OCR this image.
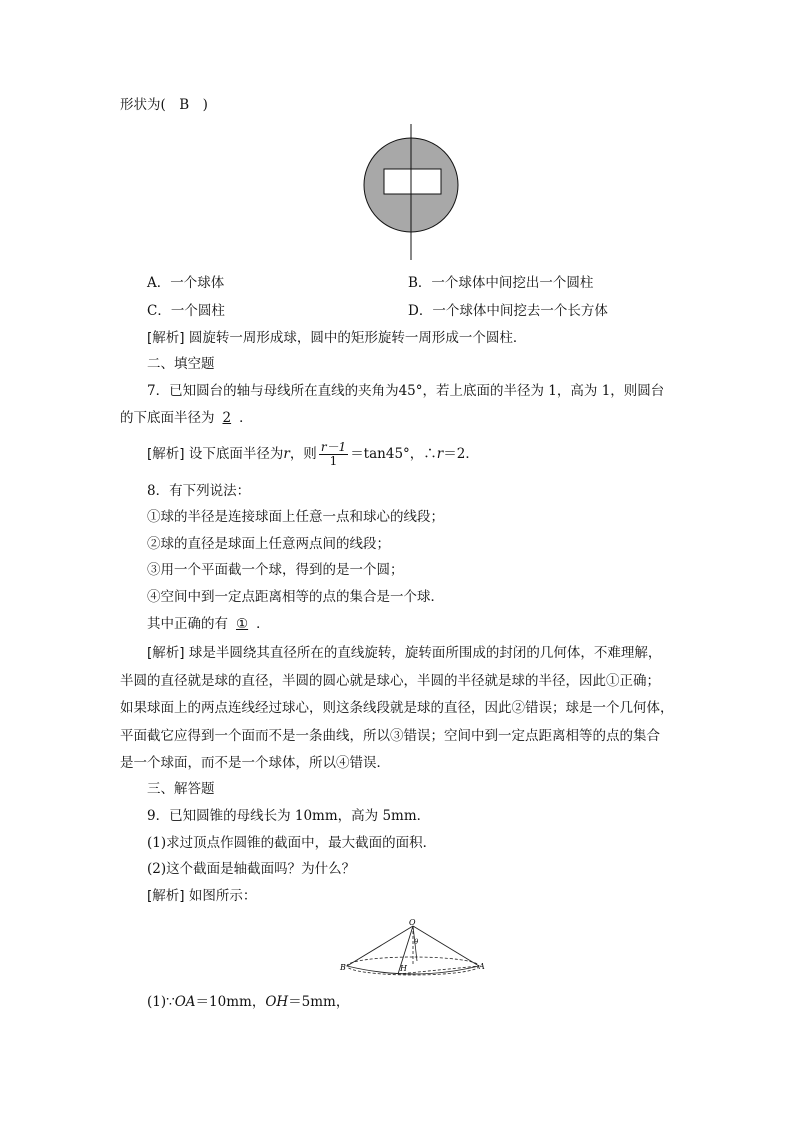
形状为(　B　)
A．一个球体	B．一个球体中间挖出一个圆柱
C．一个圆柱	D．一个球体中间挖去一个长方体
[解析] 圆旋转一周形成球，圆中的矩形旋转一周形成一个圆柱．
二、填空题
7．已知圆台的轴与母线所在直线的夹角为45°，若上底面的半径为 1，高为 1，则圆台
的下底面半径为 2 ．
[解析] 设下底面半径为r，则 $\frac{r-1}{1} =\tan 45^\circ$，∴r＝2．
8．有下列说法：
①球的半径是连接球面上任意一点和球心的线段；
②球的直径是球面上任意两点间的线段；
③用一个平面截一个球，得到的是一个圆；
④空间中到一定点距离相等的点的集合是一个球．
其中正确的有 ① ．
[解析] 球是半圆绕其直径所在的直线旋转，旋转面所围成的封闭的几何体，不难理解，
半圆的直径就是球的直径，半圆的圆心就是球心，半圆的半径就是球的半径，因此①正确；
如果球面上的两点连线经过球心，则这条线段就是球的直径，因此②错误；球是一个几何体，
平面截它应得到一个面而不是一条曲线，所以③错误；空间中到一定点距离相等的点的集合
是一个球面，而不是一个球体，所以④错误．
三、解答题
9．已知圆锥的母线长为 10mm，高为 5mm．
(1)求过顶点作圆锥的截面中，最大截面的面积．
(2)这个截面是轴截面吗？为什么？
[解析] 如图所示：
O
θ
B	H	A
(1)∵OA＝10mm，OH＝5mm，
